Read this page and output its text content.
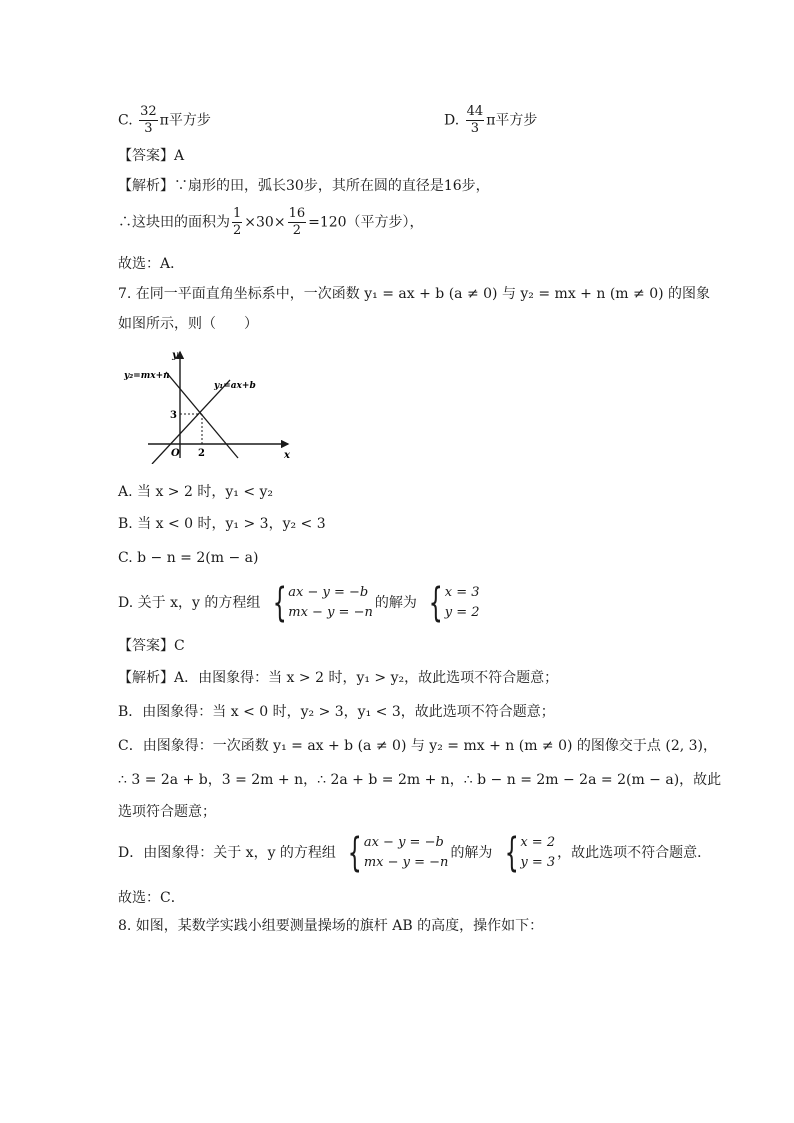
C. $\frac{32}{3}$ π平方步	D. $\frac{44}{3}$ π平方步
【答案】A
【解析】∵扇形的田，弧长30步，其所在圆的直径是16步，
∴这块田的面积为 $\frac{1}{2} \times 30\times \frac{16}{2} =120$（平方步），
故选：A．
7. 在同一平面直角坐标系中，一次函数 y₁ = ax + b (a ≠ 0) 与 y₂ = mx + n (m ≠ 0) 的图象
如图所示，则（　　）
y
x
O
3
2
y₂=mx+n
y₁=ax+b
A. 当 x > 2 时，y₁ < y₂
B. 当 x < 0 时，y₁ > 3，y₂ < 3
C. b − n = 2(m − a)
D. 关于 x，y 的方程组 { ax − y = −b
mx − y = −n
的解为 { x = 3
y = 2
【答案】C
【解析】A．由图象得：当 x > 2 时，y₁ > y₂，故此选项不符合题意；
B．由图象得：当 x < 0 时，y₂ > 3，y₁ < 3，故此选项不符合题意；
C．由图象得：一次函数 y₁ = ax + b (a ≠ 0) 与 y₂ = mx + n (m ≠ 0) 的图像交于点 (2, 3)，
∴ 3 = 2a + b，3 = 2m + n，∴ 2a + b = 2m + n，∴ b − n = 2m − 2a = 2(m − a)，故此
选项符合题意；
D．由图象得：关于 x，y 的方程组 { ax − y = −b
mx − y = −n
的解为 { x = 2
y = 3
，故此选项不符合题意．
故选：C．
8. 如图，某数学实践小组要测量操场的旗杆 AB 的高度，操作如下：
